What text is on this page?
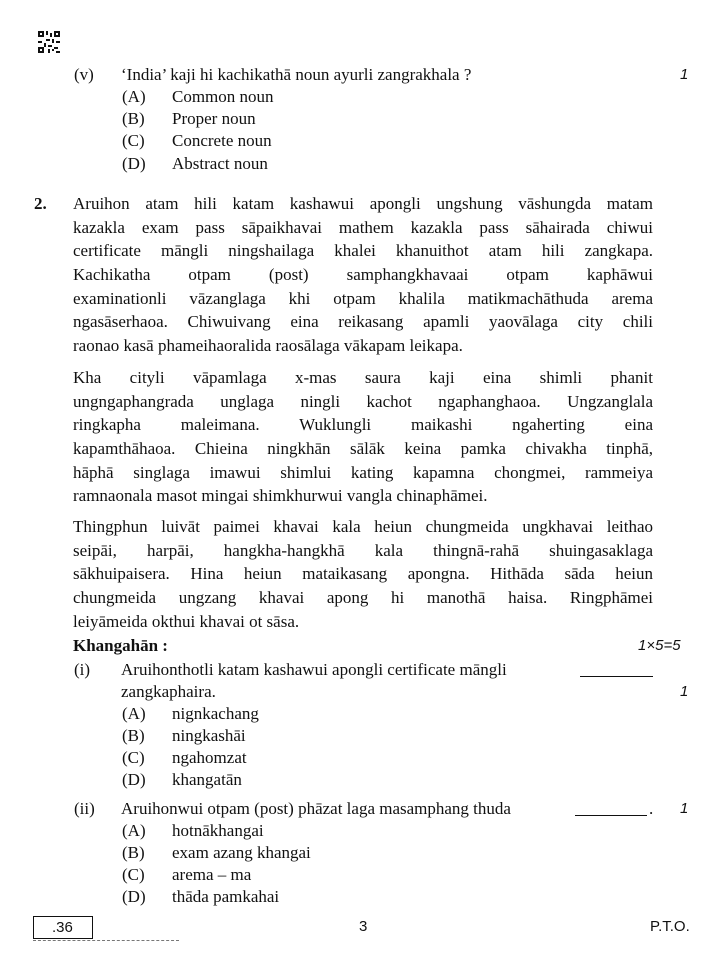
(v) ‘India’ kaji hi kachikathā noun ayurli zangrakhala ?	1
(A) Common noun
(B) Proper noun
(C) Concrete noun
(D) Abstract noun
2. Aruihon atam hili katam kashawui apongli ungshung vāshungda matam
kazakla exam pass sāpaikhavai mathem kazakla pass sāhairada chiwui
certificate māngli ningshailaga khalei khanuithot atam hili zangkapa.
Kachikatha otpam (post) samphangkhavaai otpam kaphāwui
examinationli vāzanglaga khi otpam khalila matikmachāthuda arema
ngasāserhaoa. Chiwuivang eina reikasang apamli yaovālaga city chili
raonao kasā phameihaoralida raosālaga vākapam leikapa.
Kha cityli vāpamlaga x-mas saura kaji eina shimli phanit
ungngaphangrada unglaga ningli kachot ngaphanghaoa. Ungzanglala
ringkapha maleimana. Wuklungli maikashi ngaherting eina
kapamthāhaoa. Chieina ningkhān sālāk keina pamka chivakha tinphā,
hāphā singlaga imawui shimlui kating kapamna chongmei, rammeiya
ramnaonala masot mingai shimkhurwui vangla chinaphāmei.
Thingphun luivāt paimei khavai kala heiun chungmeida ungkhavai leithao
seipāi, harpāi, hangkha-hangkhā kala thingnā-rahā shuingasaklaga
sākhuipaisera. Hina heiun mataikasang apongna. Hithāda sāda heiun
chungmeida ungzang khavai apong hi manothā haisa. Ringphāmei
leiyāmeida okthui khavai ot sāsa.
Khangahān :	1×5=5
(i) Aruihonthotli katam kashawui apongli certificate māngli
zangkaphaira.	1
(A) nignkachang
(B) ningkashāi
(C) ngahomzat
(D) khangatān
(ii) Aruihonwui otpam (post) phāzat laga masamphang thuda	. 1
(A) hotnākhangai
(B) exam azang khangai
(C) arema – ma
(D) thāda pamkahai
.36	3	P.T.O.
